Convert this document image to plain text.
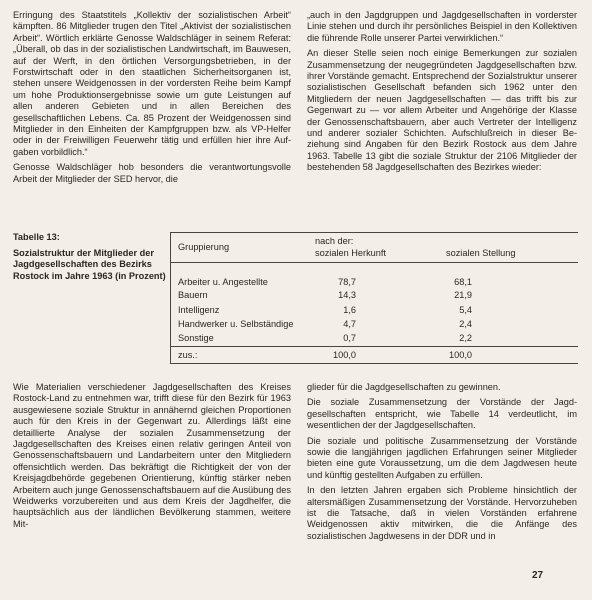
Erringung des Staatstitels „Kollektiv der sozialistischen Arbeit“ kämpften. 86 Mitglieder trugen den Titel „Aktivist der sozialistischen Arbeit“. Wörtlich erklärte Genosse Waldschläger in seinem Referat: „Überall, ob das in der sozialistischen Landwirtschaft, im Bauwesen, auf der Werft, in den örtlichen Versorgungsbetrieben, in der Forstwirtschaft oder in den staatlichen Sicherheitsorganen ist, stehen unsere Weidgenossen in der vordersten Reihe beim Kampf um hohe Produktionsergebnisse sowie um gute Leistungen auf allen anderen Gebieten und in allen Bereichen des gesellschaftlichen Lebens. Ca. 85 Prozent der Weidgenossen sind Mitglieder in den Einheiten der Kampfgruppen bzw. als VP-Helfer oder in der Freiwilligen Feuerwehr tätig und erfüllen hier ihre Aufgaben vorbildlich.“

Genosse Waldschläger hob besonders die verantwortungsvolle Arbeit der Mitglieder der SED hervor, die

„auch in den Jagdgruppen und Jagdgesellschaften in vorderster Linie stehen und durch ihr persönliches Beispiel in den Kollektiven die führende Rolle unserer Partei verwirklichen.“

An dieser Stelle seien noch einige Bemerkungen zur sozialen Zusammensetzung der neugegründeten Jagdgesellschaften bzw. ihrer Vorstände gemacht. Entsprechend der Sozialstruktur unserer sozialistischen Gesellschaft befanden sich 1962 unter den Mitgliedern der neuen Jagdgesellschaften — das trifft bis zur Gegenwart zu — vor allem Arbeiter und Angehörige der Klasse der Genossenschaftsbauern, aber auch Vertreter der Intelligenz und anderer sozialer Schichten. Aufschlußreich in dieser Beziehung sind Angaben für den Bezirk Rostock aus dem Jahre 1963. Tabelle 13 gibt die soziale Struktur der 2106 Mitglieder der bestehenden 58 Jagdgesellschaften des Bezirkes wieder:

Tabelle 13:
Sozialstruktur der Mitglieder der Jagdgesellschaften des Bezirks Rostock im Jahre 1963 (in Prozent)
Gruppierung
nach der:
sozialen Herkunft	sozialen Stellung
Arbeiter u. Angestellte	78,7	68,1
Bauern	14,3	21,9
Intelligenz	1,6	5,4
Handwerker u. Selbständige	4,7	2,4
Sonstige	0,7	2,2
zus.:	100,0	100,0

Wie Materialien verschiedener Jagdgesellschaften des Kreises Rostock-Land zu entnehmen war, trifft diese für den Bezirk für 1963 ausgewiesene soziale Struktur in annähernd gleichen Proportionen auch für den Kreis in der Gegenwart zu. Allerdings läßt eine detaillierte Analyse der sozialen Zusammensetzung der Jagdgesellschaften des Kreises einen relativ geringen Anteil von Genossenschaftsbauern und Landarbeitern unter den Mitgliedern offensichtlich werden. Das bekräftigt die Richtigkeit der von der Kreisjagdbehörde gegebenen Orientierung, künftig stärker neben Arbeitern auch junge Genossenschaftsbauern auf die Ausübung des Weidwerks vorzubereiten und aus dem Kreis der Jagdhelfer, die hauptsächlich aus der ländlichen Bevölkerung stammen, weitere Mit-

glieder für die Jagdgesellschaften zu gewinnen.

Die soziale Zusammensetzung der Vorstände der Jagdgesellschaften entspricht, wie Tabelle 14 verdeutlicht, im wesentlichen der der Jagdgesellschaften.

Die soziale und politische Zusammensetzung der Vorstände sowie die langjährigen jagdlichen Erfahrungen seiner Mitglieder bieten eine gute Voraussetzung, um die dem Jagdwesen heute und künftig gestellten Aufgaben zu erfüllen.

In den letzten Jahren ergaben sich Probleme hinsichtlich der altersmäßigen Zusammensetzung der Vorstände. Hervorzuheben ist die Tatsache, daß in vielen Vorständen erfahrene Weidgenossen aktiv mitwirken, die die Anfänge des sozialistischen Jagdwesens in der DDR und in

27
